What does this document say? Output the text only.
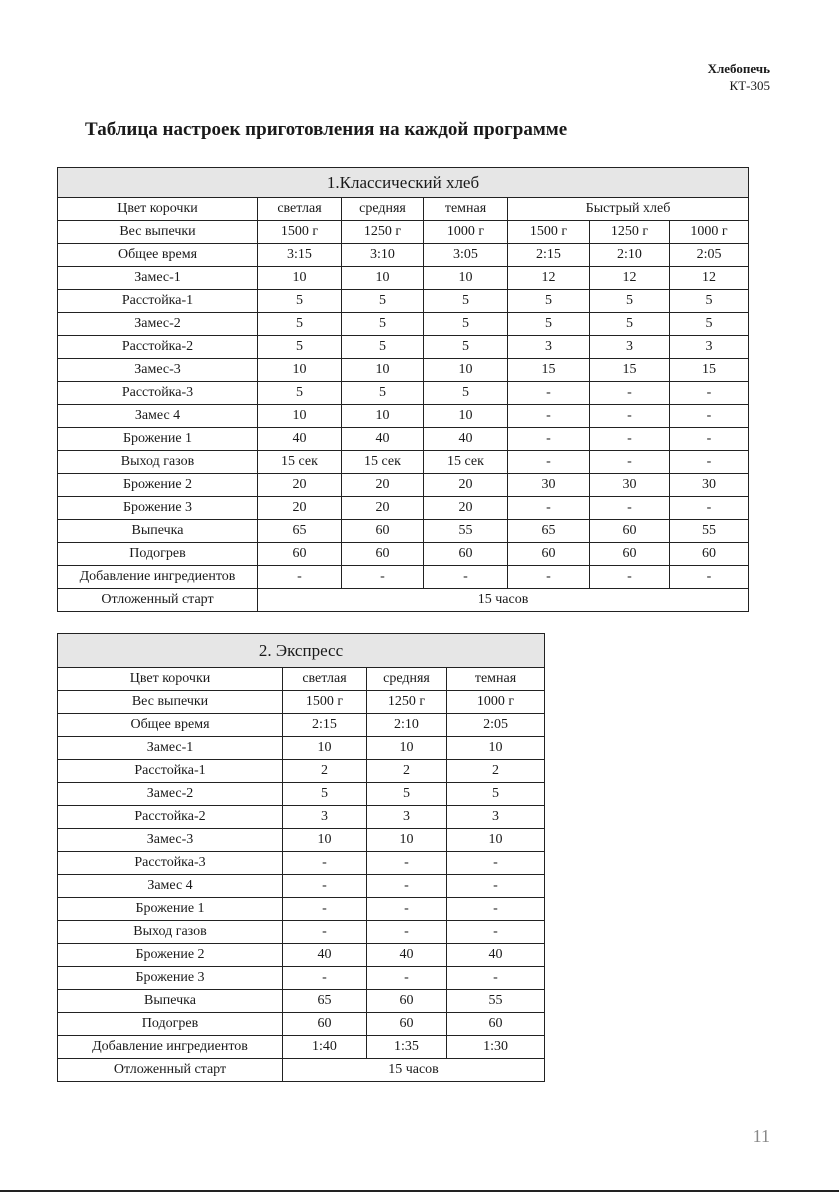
Хлебопечь
КТ-305
Таблица настроек приготовления на каждой программе
1.Классический хлеб						
Цвет корочки	светлая	средняя	темная	Быстрый хлеб		
Вес выпечки	1500 г	1250 г	1000 г	1500 г	1250 г	1000 г
Общее время	3:15	3:10	3:05	2:15	2:10	2:05
Замес-1	10	10	10	12	12	12
Расстойка-1	5	5	5	5	5	5
Замес-2	5	5	5	5	5	5
Расстойка-2	5	5	5	3	3	3
Замес-3	10	10	10	15	15	15
Расстойка-3	5	5	5	-	-	-
Замес 4	10	10	10	-	-	-
Брожение 1	40	40	40	-	-	-
Выход газов	15 сек	15 сек	15 сек	-	-	-
Брожение 2	20	20	20	30	30	30
Брожение 3	20	20	20	-	-	-
Выпечка	65	60	55	65	60	55
Подогрев	60	60	60	60	60	60
Добавление ингредиентов	-	-	-	-	-	-
Отложенный старт	15 часов					
2. Экспресс			
Цвет корочки	светлая	средняя	темная
Вес выпечки	1500 г	1250 г	1000 г
Общее время	2:15	2:10	2:05
Замес-1	10	10	10
Расстойка-1	2	2	2
Замес-2	5	5	5
Расстойка-2	3	3	3
Замес-3	10	10	10
Расстойка-3	-	-	-
Замес 4	-	-	-
Брожение 1	-	-	-
Выход газов	-	-	-
Брожение 2	40	40	40
Брожение 3	-	-	-
Выпечка	65	60	55
Подогрев	60	60	60
Добавление ингредиентов	1:40	1:35	1:30
Отложенный старт	15 часов		
11
